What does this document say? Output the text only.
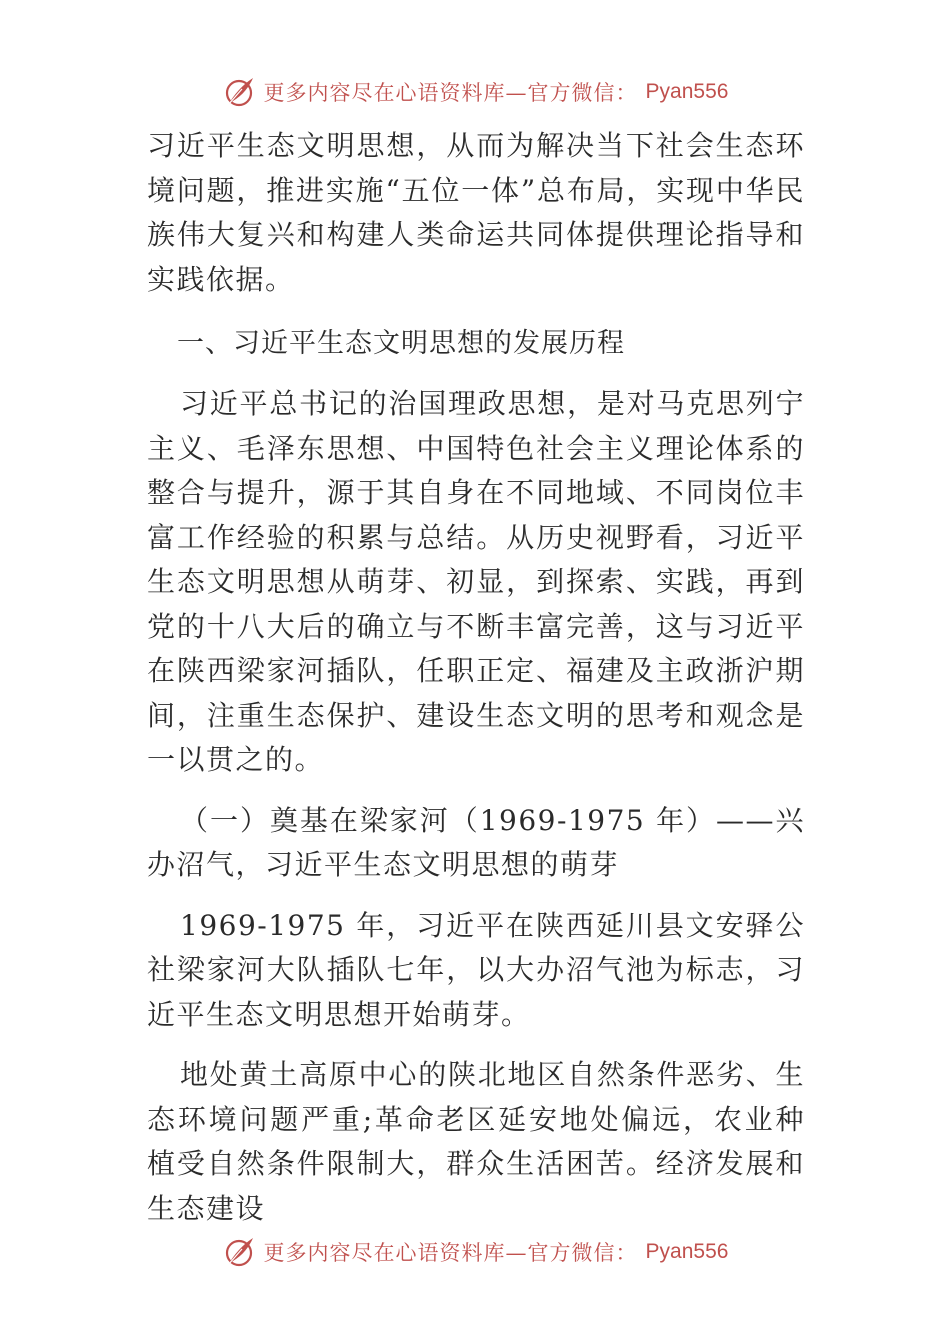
更多内容尽在心语资料库—官方微信： Pyan556

习近平生态文明思想，从而为解决当下社会生态环境问题，推进实施“五位一体”总布局，实现中华民族伟大复兴和构建人类命运共同体提供理论指导和实践依据。

一、习近平生态文明思想的发展历程

习近平总书记的治国理政思想，是对马克思列宁主义、毛泽东思想、中国特色社会主义理论体系的整合与提升，源于其自身在不同地域、不同岗位丰富工作经验的积累与总结。从历史视野看，习近平生态文明思想从萌芽、初显，到探索、实践，再到党的十八大后的确立与不断丰富完善，这与习近平在陕西梁家河插队，任职正定、福建及主政浙沪期间，注重生态保护、建设生态文明的思考和观念是一以贯之的。

（一）奠基在梁家河（1969-1975 年）——兴办沼气，习近平生态文明思想的萌芽

1969-1975 年，习近平在陕西延川县文安驿公社梁家河大队插队七年，以大办沼气池为标志，习近平生态文明思想开始萌芽。

地处黄土高原中心的陕北地区自然条件恶劣、生态环境问题严重;革命老区延安地处偏远，农业种植受自然条件限制大，群众生活困苦。经济发展和生态建设

更多内容尽在心语资料库—官方微信： Pyan556
